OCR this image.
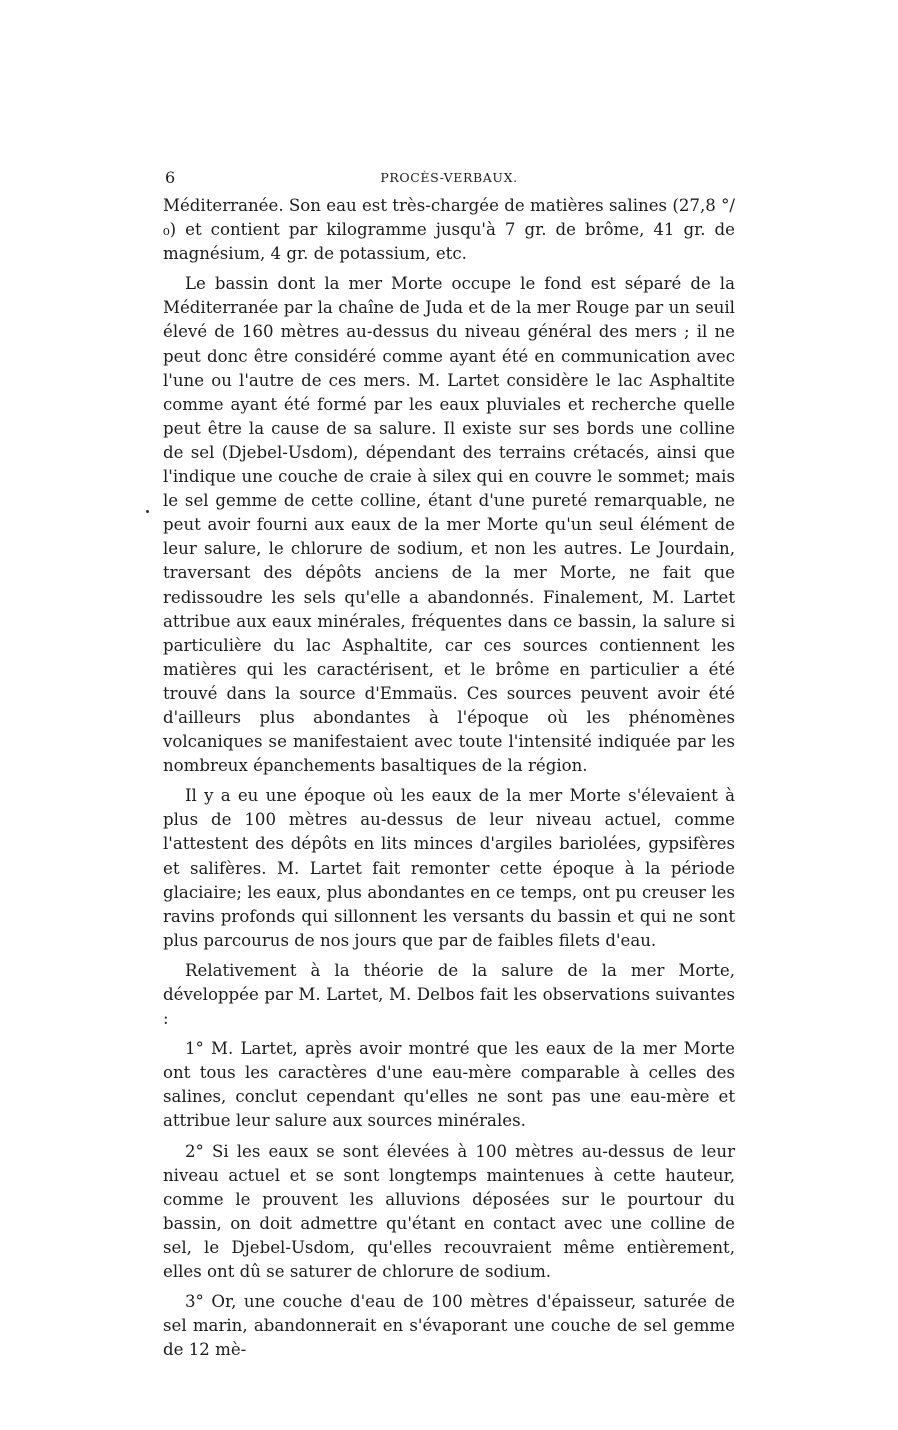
6	PROCÈS-VERBAUX.

Méditerranée. Son eau est très-chargée de matières salines (27,8 °/₀) et contient par kilogramme jusqu'à 7 gr. de brôme, 41 gr. de magnésium, 4 gr. de potassium, etc.

Le bassin dont la mer Morte occupe le fond est séparé de la Méditerranée par la chaîne de Juda et de la mer Rouge par un seuil élevé de 160 mètres au-dessus du niveau général des mers ; il ne peut donc être considéré comme ayant été en communication avec l'une ou l'autre de ces mers. M. Lartet considère le lac Asphaltite comme ayant été formé par les eaux pluviales et recherche quelle peut être la cause de sa salure. Il existe sur ses bords une colline de sel (Djebel-Usdom), dépendant des terrains crétacés, ainsi que l'indique une couche de craie à silex qui en couvre le sommet; mais le sel gemme de cette colline, étant d'une pureté remarquable, ne peut avoir fourni aux eaux de la mer Morte qu'un seul élément de leur salure, le chlorure de sodium, et non les autres. Le Jourdain, traversant des dépôts anciens de la mer Morte, ne fait que redissoudre les sels qu'elle a abandonnés. Finalement, M. Lartet attribue aux eaux minérales, fréquentes dans ce bassin, la salure si particulière du lac Asphaltite, car ces sources contiennent les matières qui les caractérisent, et le brôme en particulier a été trouvé dans la source d'Emmaüs. Ces sources peuvent avoir été d'ailleurs plus abondantes à l'époque où les phénomènes volcaniques se manifestaient avec toute l'intensité indiquée par les nombreux épanchements basaltiques de la région.

Il y a eu une époque où les eaux de la mer Morte s'élevaient à plus de 100 mètres au-dessus de leur niveau actuel, comme l'attestent des dépôts en lits minces d'argiles bariolées, gypsifères et salifères. M. Lartet fait remonter cette époque à la période glaciaire; les eaux, plus abondantes en ce temps, ont pu creuser les ravins profonds qui sillonnent les versants du bassin et qui ne sont plus parcourus de nos jours que par de faibles filets d'eau.

Relativement à la théorie de la salure de la mer Morte, développée par M. Lartet, M. Delbos fait les observations suivantes :

1° M. Lartet, après avoir montré que les eaux de la mer Morte ont tous les caractères d'une eau-mère comparable à celles des salines, conclut cependant qu'elles ne sont pas une eau-mère et attribue leur salure aux sources minérales.

2° Si les eaux se sont élevées à 100 mètres au-dessus de leur niveau actuel et se sont longtemps maintenues à cette hauteur, comme le prouvent les alluvions déposées sur le pourtour du bassin, on doit admettre qu'étant en contact avec une colline de sel, le Djebel-Usdom, qu'elles recouvraient même entièrement, elles ont dû se saturer de chlorure de sodium.

3° Or, une couche d'eau de 100 mètres d'épaisseur, saturée de sel marin, abandonnerait en s'évaporant une couche de sel gemme de 12 mè-
